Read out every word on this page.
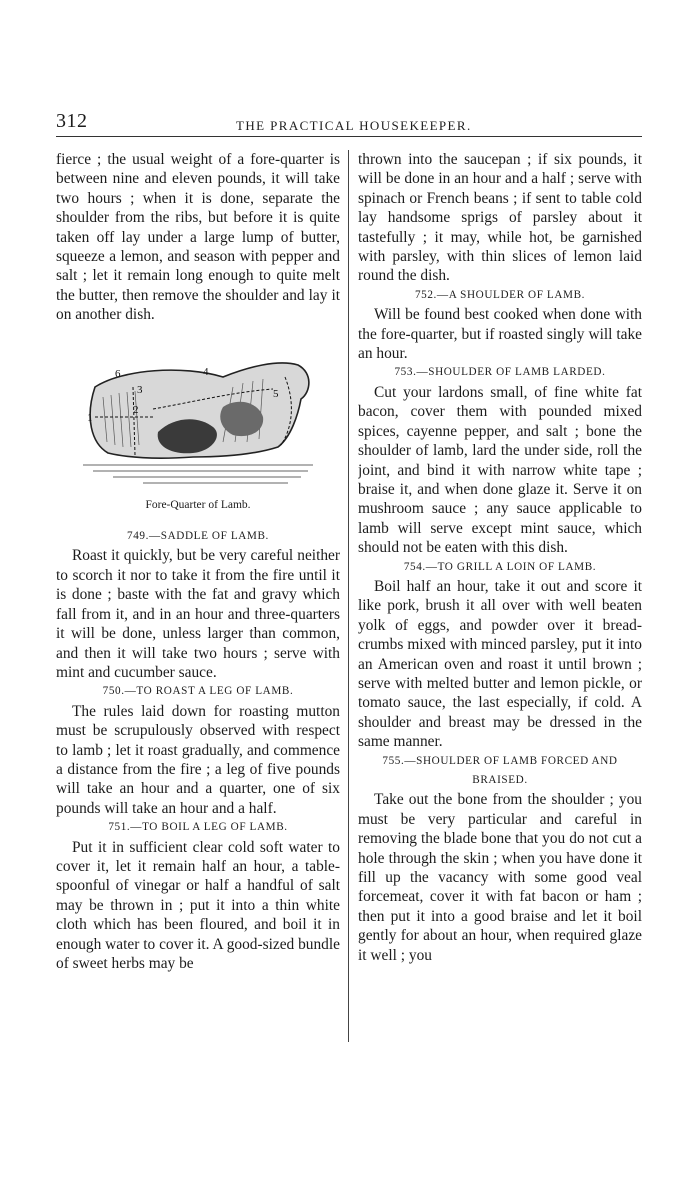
312	THE PRACTICAL HOUSEKEEPER.

fierce ; the usual weight of a fore-quarter is between nine and eleven pounds, it will take two hours ; when it is done, separate the shoulder from the ribs, but before it is quite taken off lay under a large lump of butter, squeeze a lemon, and season with pepper and salt ; let it remain long enough to quite melt the butter, then remove the shoulder and lay it on another dish.

1
2
3
4
5
6
Fore-Quarter of Lamb.

749.—SADDLE OF LAMB.

Roast it quickly, but be very careful neither to scorch it nor to take it from the fire until it is done ; baste with the fat and gravy which fall from it, and in an hour and three-quarters it will be done, unless larger than common, and then it will take two hours ; serve with mint and cucumber sauce.

750.—TO ROAST A LEG OF LAMB.

The rules laid down for roasting mutton must be scrupulously observed with respect to lamb ; let it roast gradually, and commence a distance from the fire ; a leg of five pounds will take an hour and a quarter, one of six pounds will take an hour and a half.

751.—TO BOIL A LEG OF LAMB.

Put it in sufficient clear cold soft water to cover it, let it remain half an hour, a table-spoonful of vinegar or half a handful of salt may be thrown in ; put it into a thin white cloth which has been floured, and boil it in enough water to cover it. A good-sized bundle of sweet herbs may be

thrown into the saucepan ; if six pounds, it will be done in an hour and a half ; serve with spinach or French beans ; if sent to table cold lay handsome sprigs of parsley about it tastefully ; it may, while hot, be garnished with parsley, with thin slices of lemon laid round the dish.

752.—A SHOULDER OF LAMB.

Will be found best cooked when done with the fore-quarter, but if roasted singly will take an hour.

753.—SHOULDER OF LAMB LARDED.

Cut your lardons small, of fine white fat bacon, cover them with pounded mixed spices, cayenne pepper, and salt ; bone the shoulder of lamb, lard the under side, roll the joint, and bind it with narrow white tape ; braise it, and when done glaze it. Serve it on mushroom sauce ; any sauce applicable to lamb will serve except mint sauce, which should not be eaten with this dish.

754.—TO GRILL A LOIN OF LAMB.

Boil half an hour, take it out and score it like pork, brush it all over with well beaten yolk of eggs, and powder over it bread-crumbs mixed with minced parsley, put it into an American oven and roast it until brown ; serve with melted butter and lemon pickle, or tomato sauce, the last especially, if cold. A shoulder and breast may be dressed in the same manner.

755.—SHOULDER OF LAMB FORCED AND BRAISED.

Take out the bone from the shoulder ; you must be very particular and careful in removing the blade bone that you do not cut a hole through the skin ; when you have done it fill up the vacancy with some good veal forcemeat, cover it with fat bacon or ham ; then put it into a good braise and let it boil gently for about an hour, when required glaze it well ; you
